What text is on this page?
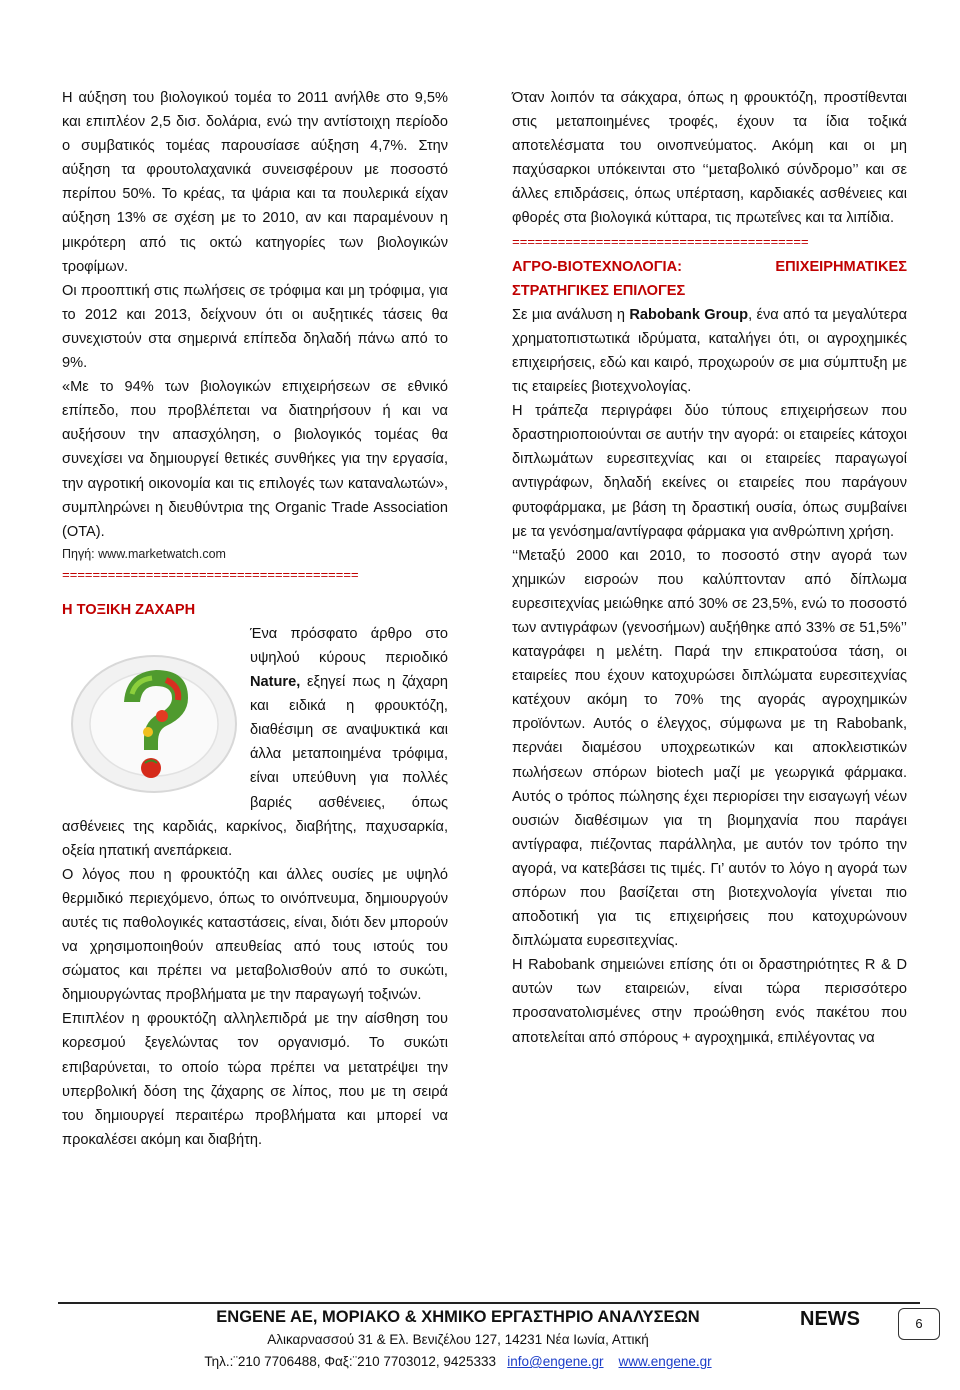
Η αύξηση του βιολογικού τομέα το 2011 ανήλθε στο 9,5% και επιπλέον 2,5 δισ. δολάρια, ενώ την αντίστοιχη περίοδο ο συμβατικός τομέας παρουσίασε αύξηση 4,7%. Στην αύξηση τα φρουτολαχανικά συνεισφέρουν με ποσοστό περίπου 50%. Το κρέας, τα ψάρια και τα πουλερικά είχαν αύξηση 13% σε σχέση με το 2010, αν και παραμένουν η μικρότερη από τις οκτώ κατηγορίες των βιολογικών τροφίμων.

Οι προοπτική στις πωλήσεις σε τρόφιμα και μη τρόφιμα, για το 2012 και 2013, δείχνουν ότι οι αυξητικές τάσεις θα συνεχιστούν στα σημερινά επίπεδα δηλαδή πάνω από το 9%.

«Με το 94% των βιολογικών επιχειρήσεων σε εθνικό επίπεδο, που προβλέπεται να διατηρήσουν ή και να αυξήσουν την απασχόληση, ο βιολογικός τομέας θα συνεχίσει να δημιουργεί θετικές συνθήκες για την εργασία, την αγροτική οικονομία και τις επιλογές των καταναλωτών», συμπληρώνει η διευθύντρια της Organic Trade Association (ΟΤΑ).

Πηγή: www.marketwatch.com

=======================================

Η ΤΟΞΙΚΗ ΖΑΧΑΡΗ

Ένα πρόσφατο άρθρο στο υψηλού κύρους περιοδικό Nature, εξηγεί πως η ζάχαρη και ειδικά η φρουκτόζη, διαθέσιμη σε αναψυκτικά και άλλα μεταποιημένα τρόφιμα, είναι υπεύθυνη για πολλές βαριές ασθένειες, όπως ασθένειες της καρδιάς, καρκίνος, διαβήτης, παχυσαρκία, οξεία ηπατική ανεπάρκεια.

Ο λόγος που η φρουκτόζη και άλλες ουσίες με υψηλό θερμιδικό περιεχόμενο, όπως το οινόπνευμα, δημιουργούν αυτές τις παθολογικές καταστάσεις, είναι, διότι δεν μπορούν να χρησιμοποιηθούν απευθείας από τους ιστούς του σώματος και πρέπει να μεταβολισθούν από το συκώτι, δημιουργώντας προβλήματα με την παραγωγή τοξινών.

Επιπλέον η φρουκτόζη αλληλεπιδρά με την αίσθηση του κορεσμού ξεγελώντας τον οργανισμό. Το συκώτι επιβαρύνεται, το οποίο τώρα πρέπει να μετατρέψει την υπερβολική δόση της ζάχαρης σε λίπος, που με τη σειρά του δημιουργεί περαιτέρω προβλήματα και μπορεί να προκαλέσει ακόμη και διαβήτη.

Όταν λοιπόν τα σάκχαρα, όπως η φρουκτόζη, προστίθενται στις μεταποιημένες τροφές, έχουν τα ίδια τοξικά αποτελέσματα του οινοπνεύματος. Ακόμη και οι μη παχύσαρκοι υπόκεινται στο ‘‘μεταβολικό σύνδρομο’’ και σε άλλες επιδράσεις, όπως υπέρταση, καρδιακές ασθένειες και φθορές στα βιολογικά κύτταρα, τις πρωτεΐνες και τα λιπίδια.

=======================================
ΑΓΡΟ-ΒΙΟΤΕΧΝΟΛΟΓΙΑ:	ΕΠΙΧΕΙΡΗΜΑΤΙΚΕΣ

ΣΤΡΑΤΗΓΙΚΕΣ ΕΠΙΛΟΓΕΣ

Σε μια ανάλυση η Rabobank Group, ένα από τα μεγαλύτερα χρηματοπιστωτικά ιδρύματα, καταλήγει ότι, οι αγροχημικές επιχειρήσεις, εδώ και καιρό, προχωρούν σε μια σύμπτυξη με τις εταιρείες βιοτεχνολογίας.

Η τράπεζα περιγράφει δύο τύπους επιχειρήσεων που δραστηριοποιούνται σε αυτήν την αγορά: οι εταιρείες κάτοχοι διπλωμάτων ευρεσιτεχνίας και οι εταιρείες παραγωγοί αντιγράφων, δηλαδή εκείνες οι εταιρείες που παράγουν φυτοφάρμακα, με βάση τη δραστική ουσία, όπως συμβαίνει με τα γενόσημα/αντίγραφα φάρμακα για ανθρώπινη χρήση.

‘‘Μεταξύ 2000 και 2010, το ποσοστό στην αγορά των χημικών εισροών που καλύπτονταν από δίπλωμα ευρεσιτεχνίας μειώθηκε από 30% σε 23,5%, ενώ το ποσοστό των αντιγράφων (γενοσήμων) αυξήθηκε από 33% σε 51,5%’’ καταγράφει η μελέτη. Παρά την επικρατούσα τάση, οι εταιρείες που έχουν κατοχυρώσει διπλώματα ευρεσιτεχνίας κατέχουν ακόμη το 70% της αγοράς αγροχημικών προϊόντων. Αυτός ο έλεγχος, σύμφωνα με τη Rabobank, περνάει διαμέσου υποχρεωτικών και αποκλειστικών πωλήσεων σπόρων biotech μαζί με γεωργικά φάρμακα. Αυτός ο τρόπος πώλησης έχει περιορίσει την εισαγωγή νέων ουσιών διαθέσιμων για τη βιομηχανία που παράγει αντίγραφα, πιέζοντας παράλληλα, με αυτόν τον τρόπο την αγορά, να κατεβάσει τις τιμές. Γι’ αυτόν το λόγο η αγορά των σπόρων που βασίζεται στη βιοτεχνολογία γίνεται πιο αποδοτική για τις επιχειρήσεις που κατοχυρώνουν διπλώματα ευρεσιτεχνίας.

Η Rabobank σημειώνει επίσης ότι οι δραστηριότητες R & D αυτών των εταιρειών, είναι τώρα περισσότερο προσανατολισμένες στην προώθηση ενός πακέτου που αποτελείται από σπόρους + αγροχημικά, επιλέγοντας να

ENGENE AE, ΜΟΡΙΑΚΟ & ΧΗΜΙΚΟ ΕΡΓΑΣΤΗΡΙΟ ΑΝΑΛΥΣΕΩΝ	NEWS	6
Αλικαρνασσού 31 & Ελ. Βενιζέλου 127, 14231 Νέα Ιωνία, Αττική
Τηλ.:¨210 7706488, Φαξ:¨210 7703012, 9425333 info@engene.gr www.engene.gr
